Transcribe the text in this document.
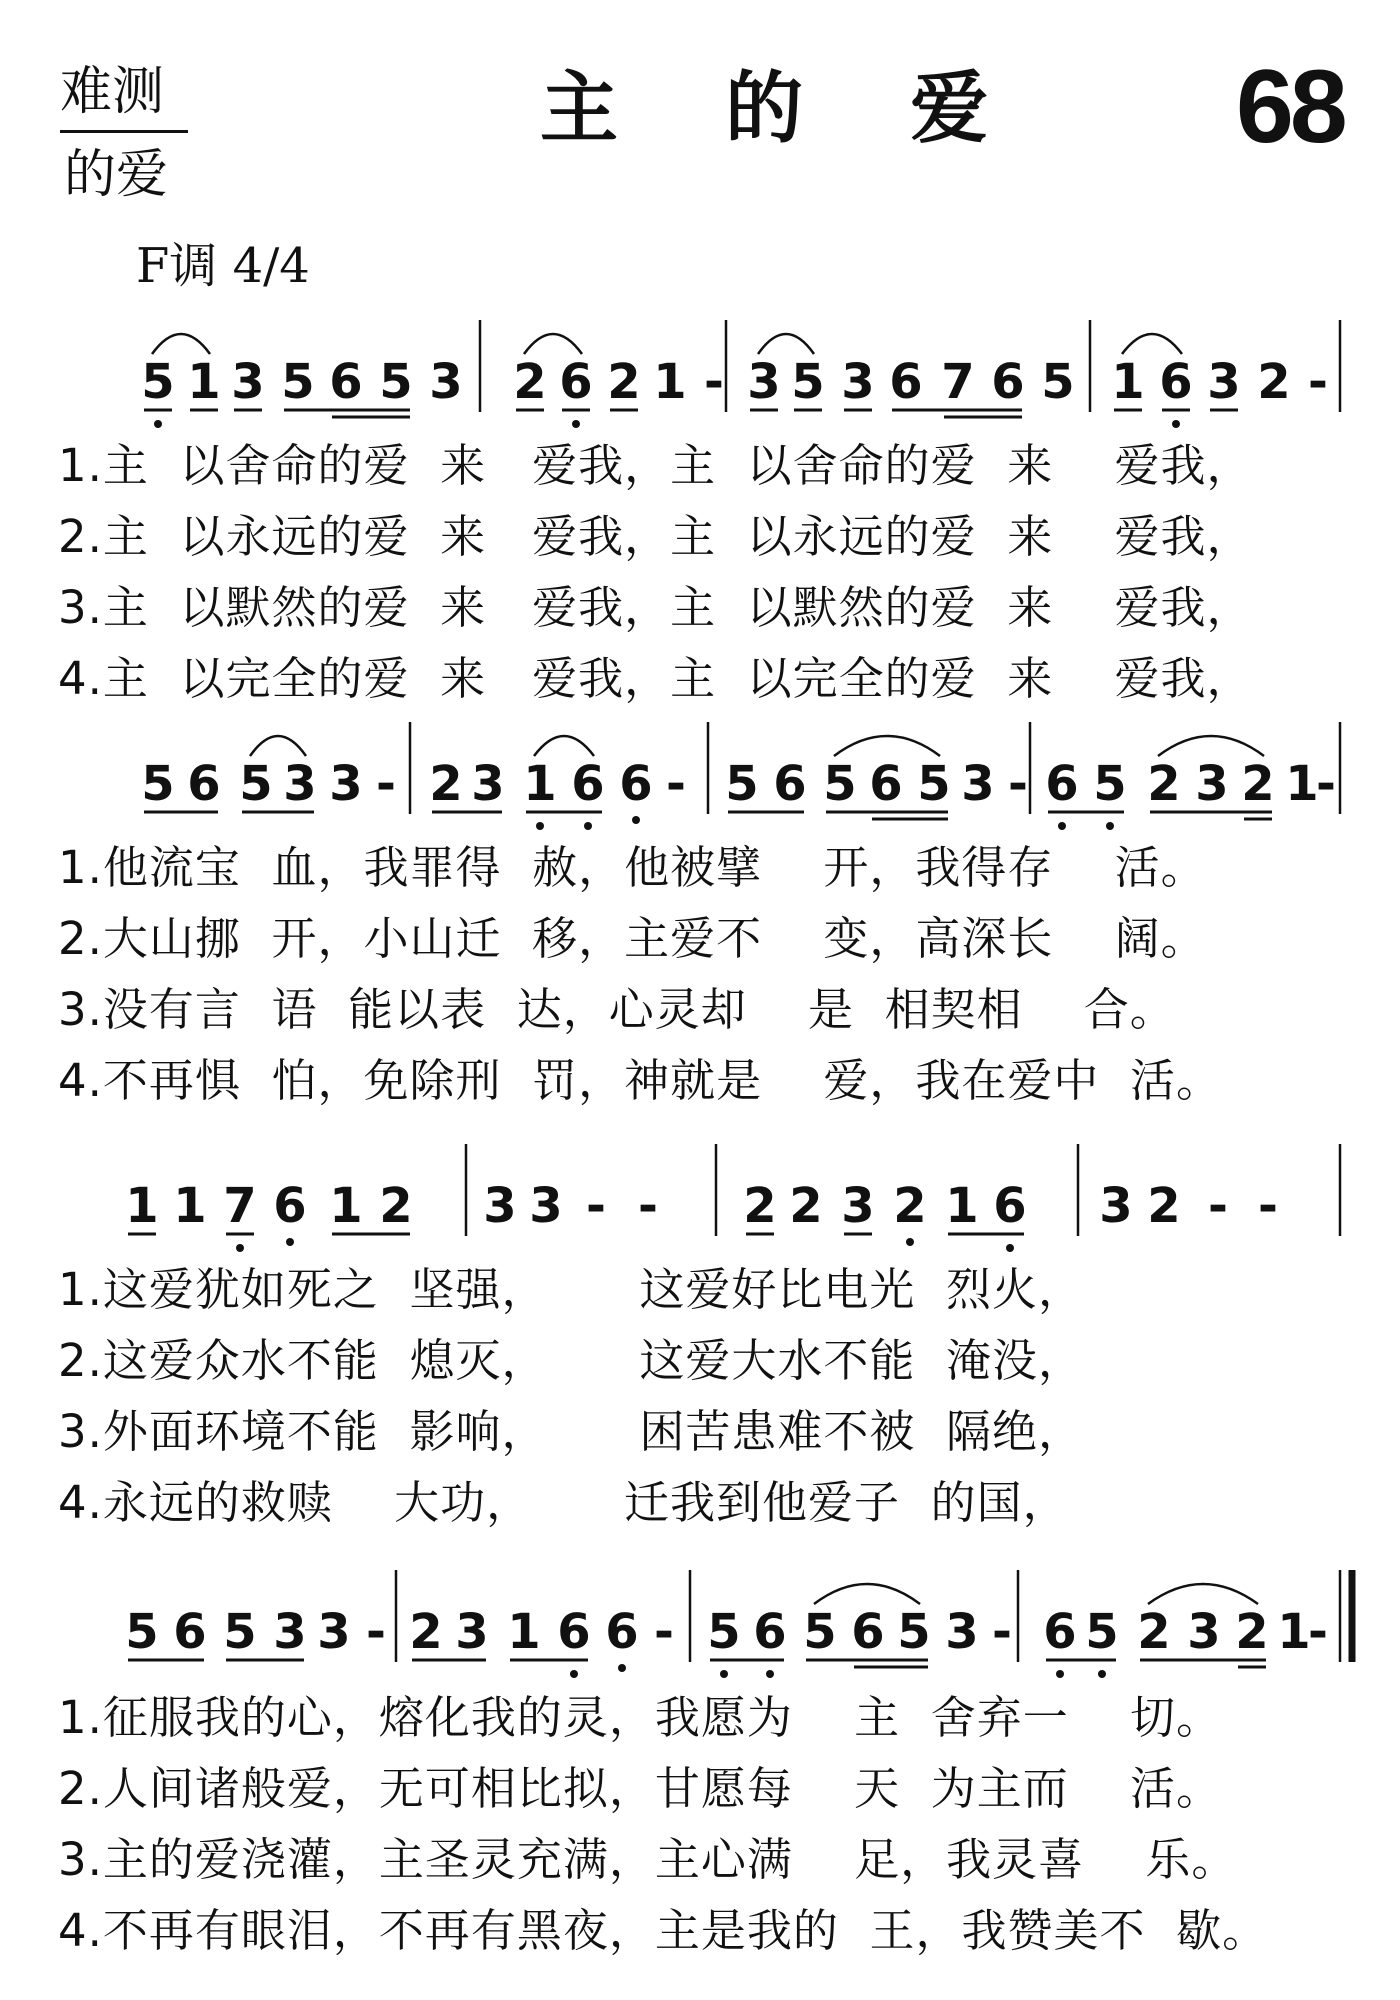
难测
的爱
主 的 爱 68
F调 4/4
5 1 3 5 6 5 3 2 6 2 1 - 3 5 3 6 7 6 5 1 6 3 2 -
5 6 5 3 3 - 2 3 1 6 6 - 5 6 5 6 5 3 - 6 5 2 3 2 1
-
1 1 7 6 1 2 3 3 - - 2 2 3 2 1 6 3 2 - -
5 6 5 3 3 - 2 3 1 6 6 - 5 6 5 6 5 3 - 6 5 2 3 2 1
-
1.主  以舍命的爱  来   爱我，主  以舍命的爱  来    爱我，
2.主  以永远的爱  来   爱我，主  以永远的爱  来    爱我，
3.主  以默然的爱  来   爱我，主  以默然的爱  来    爱我，
4.主  以完全的爱  来   爱我，主  以完全的爱  来    爱我，
1.他流宝  血，我罪得  赦，他被擘    开，我得存    活。
2.大山挪  开，小山迁  移，主爱不    变，高深长    阔。
3.没有言  语  能以表  达，心灵却    是  相契相    合。
4.不再惧  怕，免除刑  罚，神就是    爱，我在爱中  活。
1.这爱犹如死之  坚强，      这爱好比电光  烈火，
2.这爱众水不能  熄灭，      这爱大水不能  淹没，
3.外面环境不能  影响，      困苦患难不被  隔绝，
4.永远的救赎    大功，      迁我到他爱子  的国，
1.征服我的心，熔化我的灵，我愿为    主  舍弃一    切。
2.人间诸般爱，无可相比拟，甘愿每    天  为主而    活。
3.主的爱浇灌，主圣灵充满，主心满    足，我灵喜    乐。
4.不再有眼泪，不再有黑夜，主是我的  王，我赞美不  歇。
